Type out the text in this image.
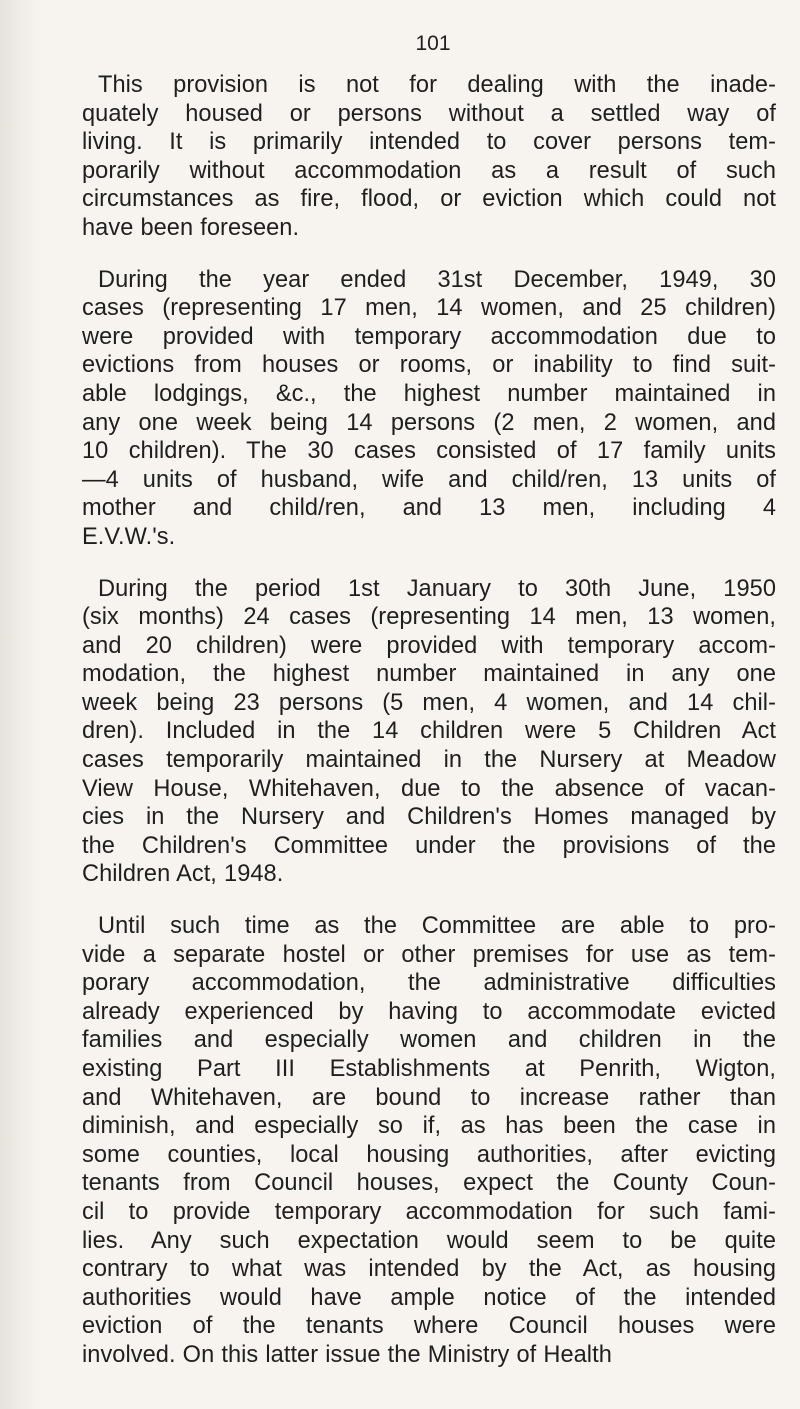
101
This provision is not for dealing with the inade-
quately housed or persons without a settled way of
living. It is primarily intended to cover persons tem-
porarily without accommodation as a result of such
circumstances as fire, flood, or eviction which could not
have been foreseen.
During the year ended 31st December, 1949, 30
cases (representing 17 men, 14 women, and 25 children)
were provided with temporary accommodation due to
evictions from houses or rooms, or inability to find suit-
able lodgings, &c., the highest number maintained in
any one week being 14 persons (2 men, 2 women, and
10 children). The 30 cases consisted of 17 family units
—4 units of husband, wife and child/ren, 13 units of
mother and child/ren, and 13 men, including 4
E.V.W.'s.
During the period 1st January to 30th June, 1950
(six months) 24 cases (representing 14 men, 13 women,
and 20 children) were provided with temporary accom-
modation, the highest number maintained in any one
week being 23 persons (5 men, 4 women, and 14 chil-
dren). Included in the 14 children were 5 Children Act
cases temporarily maintained in the Nursery at Meadow
View House, Whitehaven, due to the absence of vacan-
cies in the Nursery and Children's Homes managed by
the Children's Committee under the provisions of the
Children Act, 1948.
Until such time as the Committee are able to pro-
vide a separate hostel or other premises for use as tem-
porary accommodation, the administrative difficulties
already experienced by having to accommodate evicted
families and especially women and children in the
existing Part III Establishments at Penrith, Wigton,
and Whitehaven, are bound to increase rather than
diminish, and especially so if, as has been the case in
some counties, local housing authorities, after evicting
tenants from Council houses, expect the County Coun-
cil to provide temporary accommodation for such fami-
lies. Any such expectation would seem to be quite
contrary to what was intended by the Act, as housing
authorities would have ample notice of the intended
eviction of the tenants where Council houses were
involved. On this latter issue the Ministry of Health
